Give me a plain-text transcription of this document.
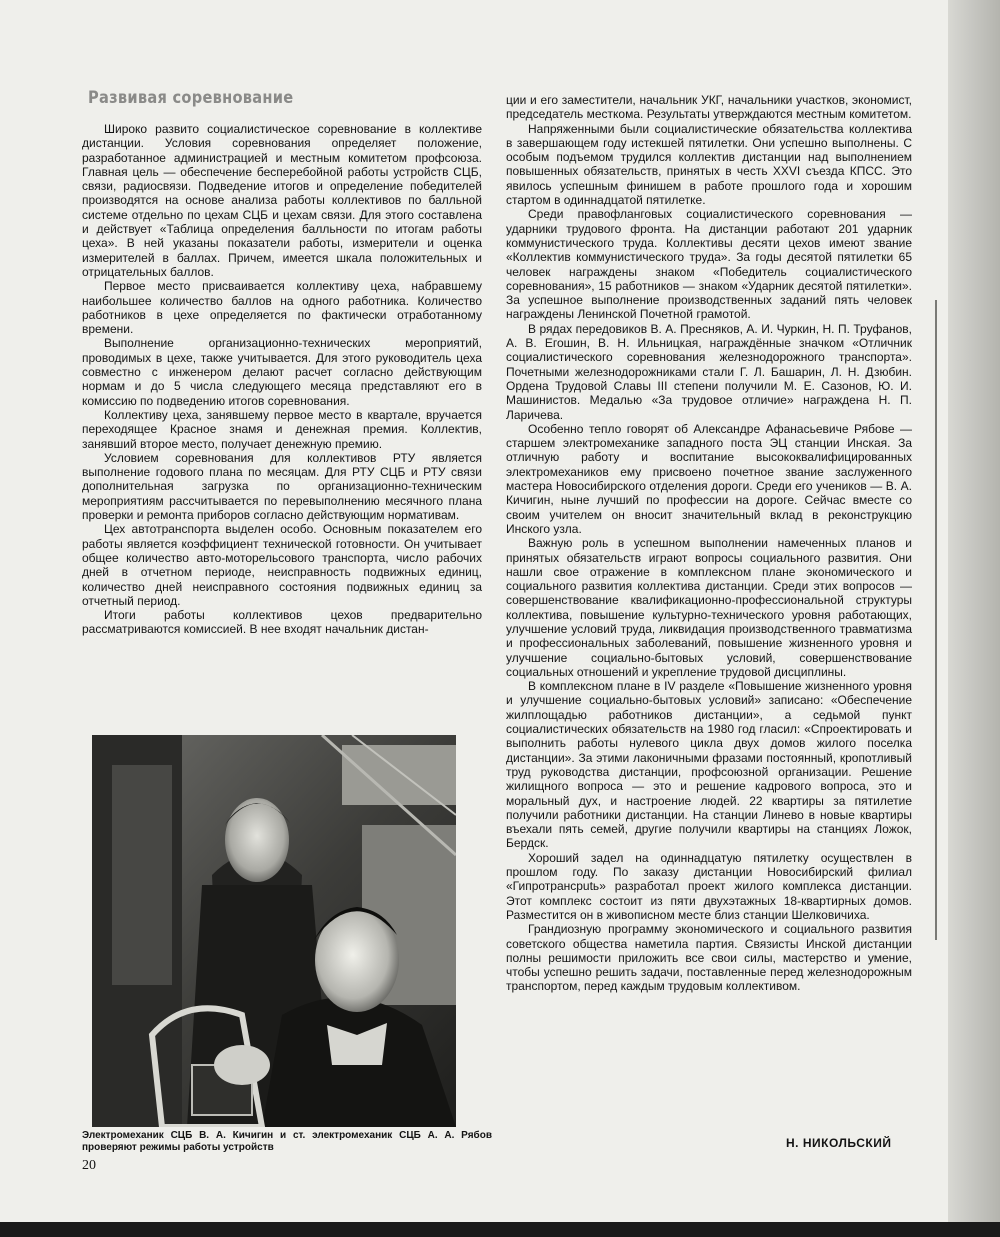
Развивая соревнование

Широко развито социалистическое соревнование в коллективе дистанции. Условия соревнования определяет положение, разработанное администрацией и местным комитетом профсоюза. Главная цель — обеспечение бесперебойной работы устройств СЦБ, связи, радиосвязи. Подведение итогов и определение победителей производятся на основе анализа работы коллективов по балльной системе отдельно по цехам СЦБ и цехам связи. Для этого составлена и действует «Таблица определения балльности по итогам работы цеха». В ней указаны показатели работы, измерители и оценка измерителей в баллах. Причем, имеется шкала положительных и отрицательных баллов.

Первое место присваивается коллективу цеха, набравшему наибольшее количество баллов на одного работника. Количество работников в цехе определяется по фактически отработанному времени.

Выполнение организационно-технических мероприятий, проводимых в цехе, также учитывается. Для этого руководитель цеха совместно с инженером делают расчет согласно действующим нормам и до 5 числа следующего месяца представляют его в комиссию по подведению итогов соревнования.

Коллективу цеха, занявшему первое место в квартале, вручается переходящее Красное знамя и денежная премия. Коллектив, занявший второе место, получает денежную премию.

Условием соревнования для коллективов РТУ является выполнение годового плана по месяцам. Для РТУ СЦБ и РТУ связи дополнительная загрузка по организационно-техническим мероприятиям рассчитывается по перевыполнению месячного плана проверки и ремонта приборов согласно действующим нормативам.

Цех автотранспорта выделен особо. Основным показателем его работы является коэффициент технической готовности. Он учитывает общее количество авто-моторельсового транспорта, число рабочих дней в отчетном периоде, неисправность подвижных единиц, количество дней неисправного состояния подвижных единиц за отчетный период.

Итоги работы коллективов цехов предварительно рассматриваются комиссией. В нее входят начальник дистан-

ции и его заместители, начальник УКГ, начальники участков, экономист, председатель месткома. Результаты утверждаются местным комитетом.

Напряженными были социалистические обязательства коллектива в завершающем году истекшей пятилетки. Они успешно выполнены. С особым подъемом трудился коллектив дистанции над выполнением повышенных обязательств, принятых в честь XXVI съезда КПСС. Это явилось успешным финишем в работе прошлого года и хорошим стартом в одиннадцатой пятилетке.

Среди правофланговых социалистического соревнования — ударники трудового фронта. На дистанции работают 201 ударник коммунистического труда. Коллективы десяти цехов имеют звание «Коллектив коммунистического труда». За годы десятой пятилетки 65 человек награждены знаком «Победитель социалистического соревнования», 15 работников — знаком «Ударник десятой пятилетки». За успешное выполнение производственных заданий пять человек награждены Ленинской Почетной грамотой.

В рядах передовиков В. А. Пресняков, А. И. Чуркин, Н. П. Труфанов, А. В. Егошин, В. Н. Ильницкая, награждённые значком «Отличник социалистического соревнования железнодорожного транспорта». Почетными железнодорожниками стали Г. Л. Башарин, Л. Н. Дзюбин. Ордена Трудовой Славы III степени получили М. Е. Сазонов, Ю. И. Машинистов. Медалью «За трудовое отличие» награждена Н. П. Ларичева.

Особенно тепло говорят об Александре Афанасьевиче Рябове — старшем электромеханике западного поста ЭЦ станции Инская. За отличную работу и воспитание высококвалифицированных электромехаников ему присвоено почетное звание заслуженного мастера Новосибирского отделения дороги. Среди его учеников — В. А. Кичигин, ныне лучший по профессии на дороге. Сейчас вместе со своим учителем он вносит значительный вклад в реконструкцию Инского узла.

Важную роль в успешном выполнении намеченных планов и принятых обязательств играют вопросы социального развития. Они нашли свое отражение в комплексном плане экономического и социального развития коллектива дистанции. Среди этих вопросов — совершенствование квалификационно-профессиональной структуры коллектива, повышение культурно-технического уровня работающих, улучшение условий труда, ликвидация производственного травматизма и профессиональных заболеваний, повышение жизненного уровня и улучшение социально-бытовых условий, совершенствование социальных отношений и укрепление трудовой дисциплины.

В комплексном плане в IV разделе «Повышение жизненного уровня и улучшение социально-бытовых условий» записано: «Обеспечение жилплощадью работников дистанции», а седьмой пункт социалистических обязательств на 1980 год гласил: «Спроектировать и выполнить работы нулевого цикла двух домов жилого поселка дистанции». За этими лаконичными фразами постоянный, кропотливый труд руководства дистанции, профсоюзной организации. Решение жилищного вопроса — это и решение кадрового вопроса, это и моральный дух, и настроение людей. 22 квартиры за пятилетие получили работники дистанции. На станции Линево в новые квартиры въехали пять семей, другие получили квартиры на станциях Ложок, Бердск.

Хороший задел на одиннадцатую пятилетку осуществлен в прошлом году. По заказу дистанции Новосибирский филиал «Гипротрансputь» разработал проект жилого комплекса дистанции. Этот комплекс состоит из пяти двухэтажных 18-квартирных домов. Разместится он в живописном месте близ станции Шелковичиха.

Грандиозную программу экономического и социального развития советского общества наметила партия. Связисты Инской дистанции полны решимости приложить все свои силы, мастерство и умение, чтобы успешно решить задачи, поставленные перед железнодорожным транспортом, перед каждым трудовым коллективом.

Электромеханик СЦБ В. А. Кичигин и ст. электромеханик СЦБ А. А. Рябов проверяют режимы работы устройств
20
Н. НИКОЛЬСКИЙ
